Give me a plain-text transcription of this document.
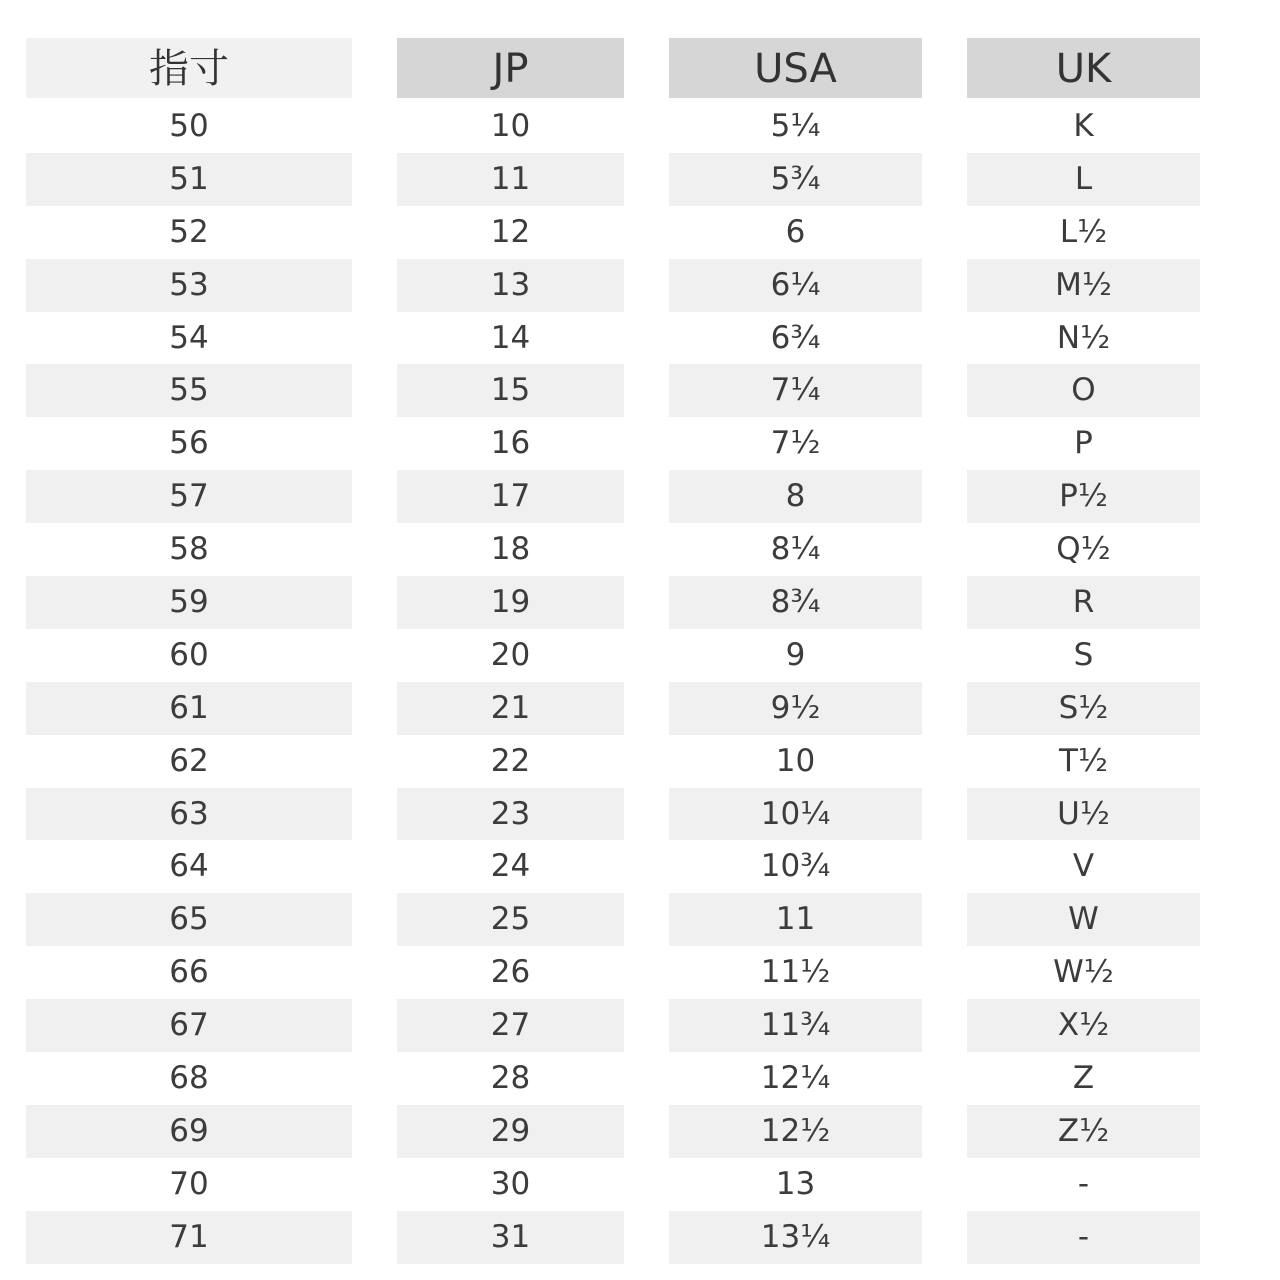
指寸
50
51
52
53
54
55
56
57
58
59
60
61
62
63
64
65
66
67
68
69
70
71
JP
10
11
12
13
14
15
16
17
18
19
20
21
22
23
24
25
26
27
28
29
30
31
USA
5¼
5¾
6
6¼
6¾
7¼
7½
8
8¼
8¾
9
9½
10
10¼
10¾
11
11½
11¾
12¼
12½
13
13¼
UK
K
L
L½
M½
N½
O
P
P½
Q½
R
S
S½
T½
U½
V
W
W½
X½
Z
Z½
-
-
